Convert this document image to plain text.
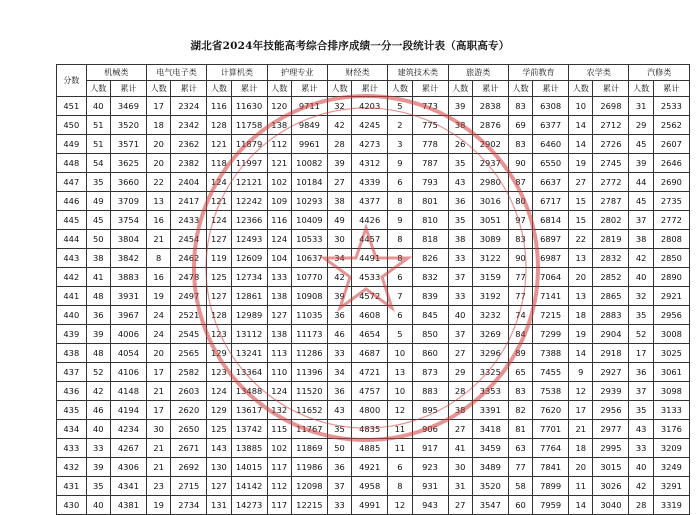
湖北省2024年技能高考综合排序成绩一分一段统计表（高职高专）
分数	机械类		电气电子类		计算机类		护理专业		财经类		建筑技术类		旅游类		学前教育		农学类		汽修类	
	人数	累计	人数	累计	人数	累计	人数	累计	人数	累计	人数	累计	人数	累计	人数	累计	人数	累计	人数	累计
451	40	3469	17	2324	116	11630	120	9711	32	4203	5	773	39	2838	83	6308	10	2698	31	2533
450	51	3520	18	2342	128	11758	138	9849	42	4245	2	775	38	2876	69	6377	14	2712	29	2562
449	51	3571	20	2362	121	11879	112	9961	28	4273	3	778	26	2902	83	6460	14	2726	45	2607
448	54	3625	20	2382	118	11997	121	10082	39	4312	9	787	35	2937	90	6550	19	2745	39	2646
447	35	3660	22	2404	124	12121	102	10184	27	4339	6	793	43	2980	87	6637	27	2772	44	2690
446	49	3709	13	2417	121	12242	109	10293	38	4377	8	801	36	3016	80	6717	15	2787	45	2735
445	45	3754	16	2433	124	12366	116	10409	49	4426	9	810	35	3051	97	6814	15	2802	37	2772
444	50	3804	21	2454	127	12493	124	10533	30	4457	8	818	38	3089	83	6897	22	2819	38	2808
443	38	3842	8	2462	119	12609	104	10637	34	4491	8	826	33	3122	90	6987	13	2832	42	2850
442	41	3883	16	2478	125	12734	133	10770	42	4533	6	832	37	3159	77	7064	20	2852	40	2890
441	48	3931	19	2497	127	12861	138	10908	39	4572	7	839	33	3192	77	7141	13	2865	32	2921
440	36	3967	24	2521	128	12989	127	11035	36	4608	6	845	40	3232	74	7215	18	2883	35	2956
439	39	4006	24	2545	123	13112	138	11173	46	4654	5	850	37	3269	84	7299	19	2904	52	3008
438	48	4054	20	2565	129	13241	113	11286	33	4687	10	860	27	3296	89	7388	14	2918	17	3025
437	52	4106	17	2582	123	13364	110	11396	34	4721	13	873	29	3325	65	7455	9	2927	36	3061
436	42	4148	21	2603	124	13488	124	11520	36	4757	10	883	28	3353	83	7538	12	2939	37	3098
435	46	4194	17	2620	129	13617	132	11652	43	4800	12	895	38	3391	82	7620	17	2956	35	3133
434	40	4234	30	2650	125	13742	115	11767	35	4835	11	906	27	3418	81	7701	21	2977	43	3176
433	33	4267	21	2671	143	13885	102	11869	50	4885	11	917	41	3459	63	7764	18	2995	33	3209
432	39	4306	21	2692	130	14015	117	11986	36	4921	6	923	30	3489	77	7841	20	3015	40	3249
431	35	4341	23	2715	127	14142	112	12098	37	4958	8	931	31	3520	58	7899	11	3026	42	3291
430	40	4381	19	2734	131	14273	117	12215	33	4991	12	943	27	3547	60	7959	14	3040	28	3319
